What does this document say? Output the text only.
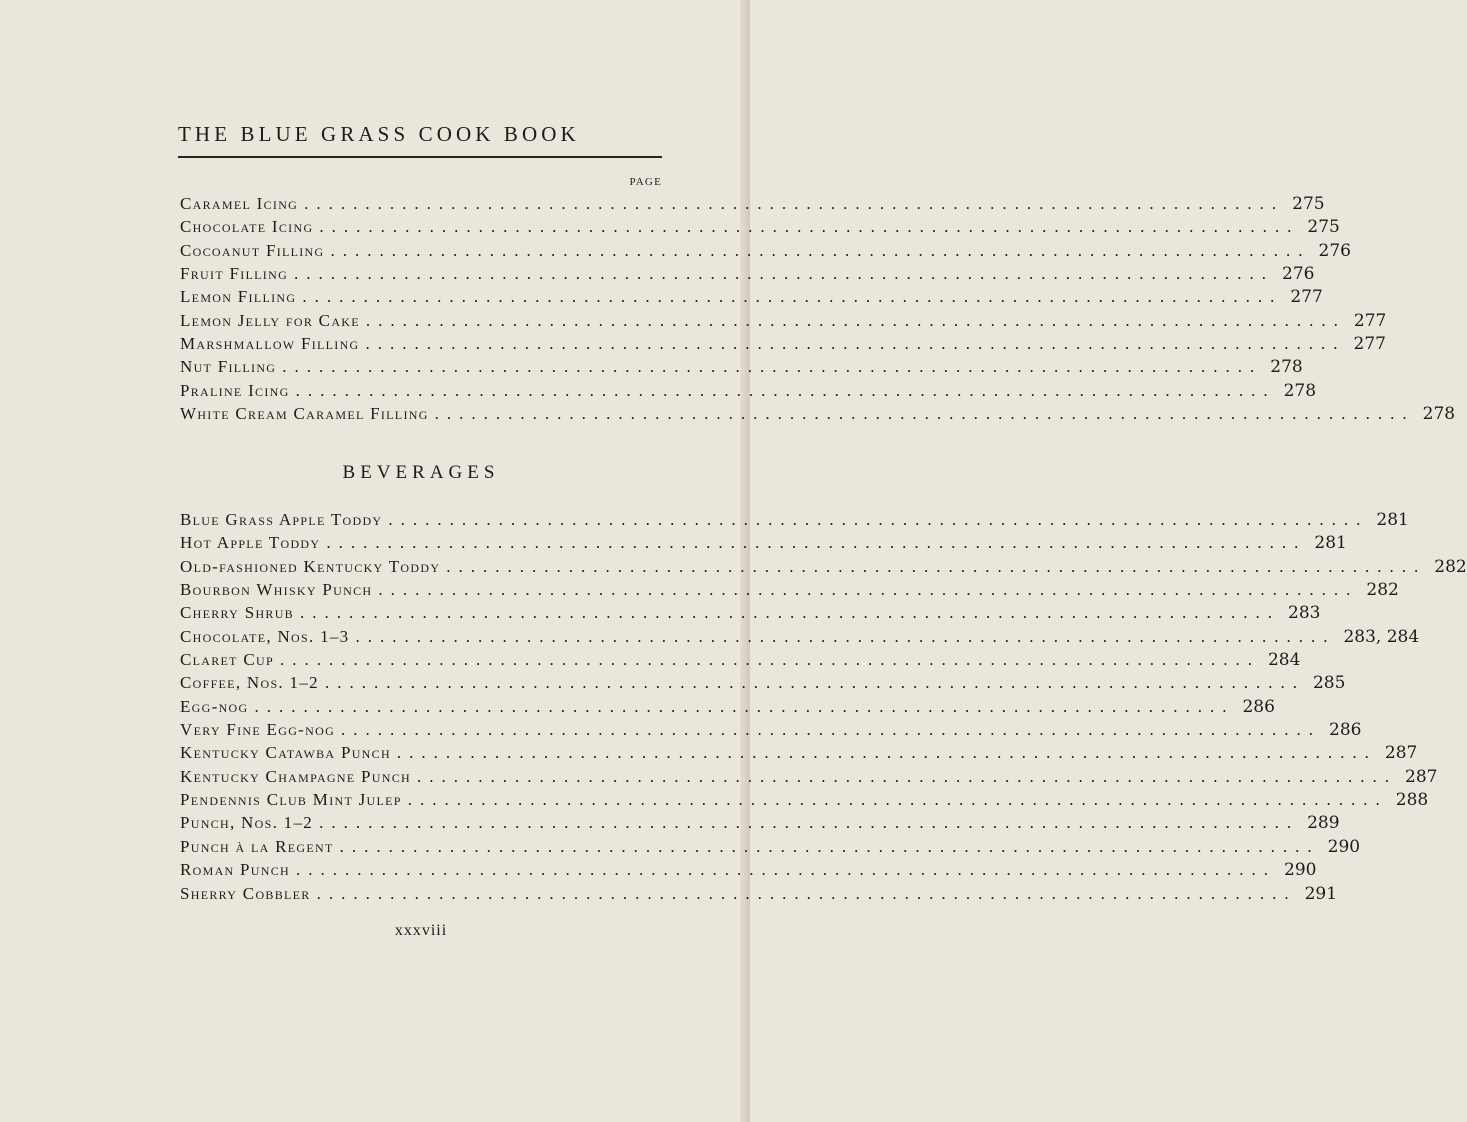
THE BLUE GRASS COOK BOOK
PAGE
Caramel Icing ................................................................................ 275
Chocolate Icing ................................................................................ 275
Cocoanut Filling ................................................................................ 276
Fruit Filling ................................................................................ 276
Lemon Filling ................................................................................ 277
Lemon Jelly for Cake ................................................................................ 277
Marshmallow Filling ................................................................................ 277
Nut Filling ................................................................................ 278
Praline Icing ................................................................................ 278
White Cream Caramel Filling ................................................................................ 278
BEVERAGES
Blue Grass Apple Toddy ................................................................................ 281
Hot Apple Toddy ................................................................................ 281
Old-fashioned Kentucky Toddy ................................................................................ 282
Bourbon Whisky Punch ................................................................................ 282
Cherry Shrub ................................................................................ 283
Chocolate, Nos. 1–3 ................................................................................ 283, 284
Claret Cup ................................................................................ 284
Coffee, Nos. 1–2 ................................................................................ 285
Egg-nog ................................................................................ 286
Very Fine Egg-nog ................................................................................ 286
Kentucky Catawba Punch ................................................................................ 287
Kentucky Champagne Punch ................................................................................ 287
Pendennis Club Mint Julep ................................................................................ 288
Punch, Nos. 1–2 ................................................................................ 289
Punch à la Regent ................................................................................ 290
Roman Punch ................................................................................ 290
Sherry Cobbler ................................................................................ 291
xxxviii
